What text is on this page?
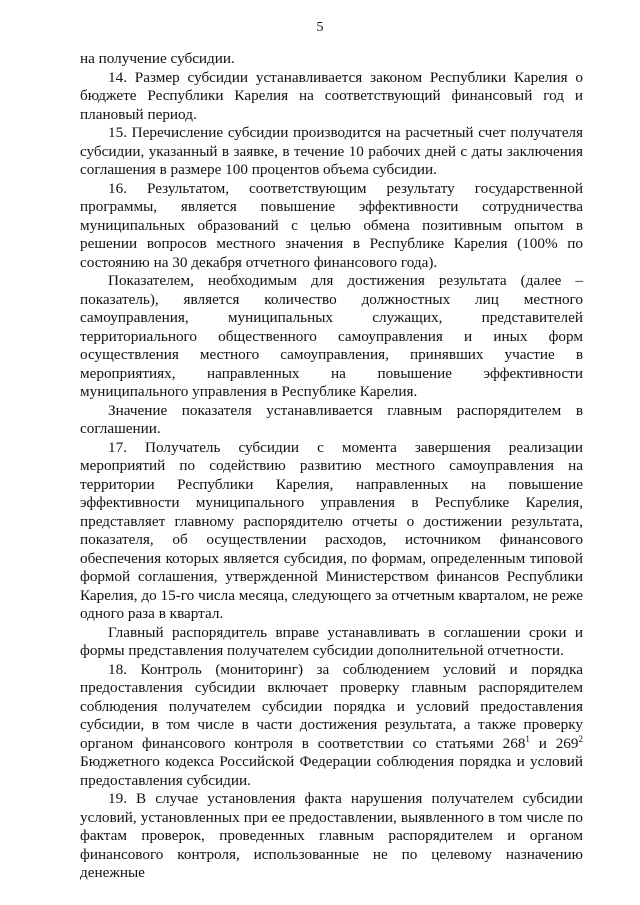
5

на получение субсидии.

14. Размер субсидии устанавливается законом Республики Карелия о бюджете Республики Карелия на соответствующий финансовый год и плановый период.

15. Перечисление субсидии производится на расчетный счет получателя субсидии, указанный в заявке, в течение 10 рабочих дней с даты заключения соглашения в размере 100 процентов объема субсидии.

16. Результатом, соответствующим результату государственной программы, является повышение эффективности сотрудничества муниципальных образований с целью обмена позитивным опытом в решении вопросов местного значения в Республике Карелия (100% по состоянию на 30 декабря отчетного финансового года).

Показателем, необходимым для достижения результата (далее – показатель), является количество должностных лиц местного самоуправления, муниципальных служащих, представителей территориального общественного самоуправления и иных форм осуществления местного самоуправления, принявших участие в мероприятиях, направленных на повышение эффективности муниципального управления в Республике Карелия.

Значение показателя устанавливается главным распорядителем в соглашении.

17. Получатель субсидии с момента завершения реализации мероприятий по содействию развитию местного самоуправления на территории Республики Карелия, направленных на повышение эффективности муниципального управления в Республике Карелия, представляет главному распорядителю отчеты о достижении результата, показателя, об осуществлении расходов, источником финансового обеспечения которых является субсидия, по формам, определенным типовой формой соглашения, утвержденной Министерством финансов Республики Карелия, до 15-го числа месяца, следующего за отчетным кварталом, не реже одного раза в квартал.

Главный распорядитель вправе устанавливать в соглашении сроки и формы представления получателем субсидии дополнительной отчетности.

18. Контроль (мониторинг) за соблюдением условий и порядка предоставления субсидии включает проверку главным распорядителем соблюдения получателем субсидии порядка и условий предоставления субсидии, в том числе в части достижения результата, а также проверку органом финансового контроля в соответствии со статьями $268^1$ и $269^2$ Бюджетного кодекса Российской Федерации соблюдения порядка и условий предоставления субсидии.

19. В случае установления факта нарушения получателем субсидии условий, установленных при ее предоставлении, выявленного в том числе по фактам проверок, проведенных главным распорядителем и органом финансового контроля, использованные не по целевому назначению денежные
